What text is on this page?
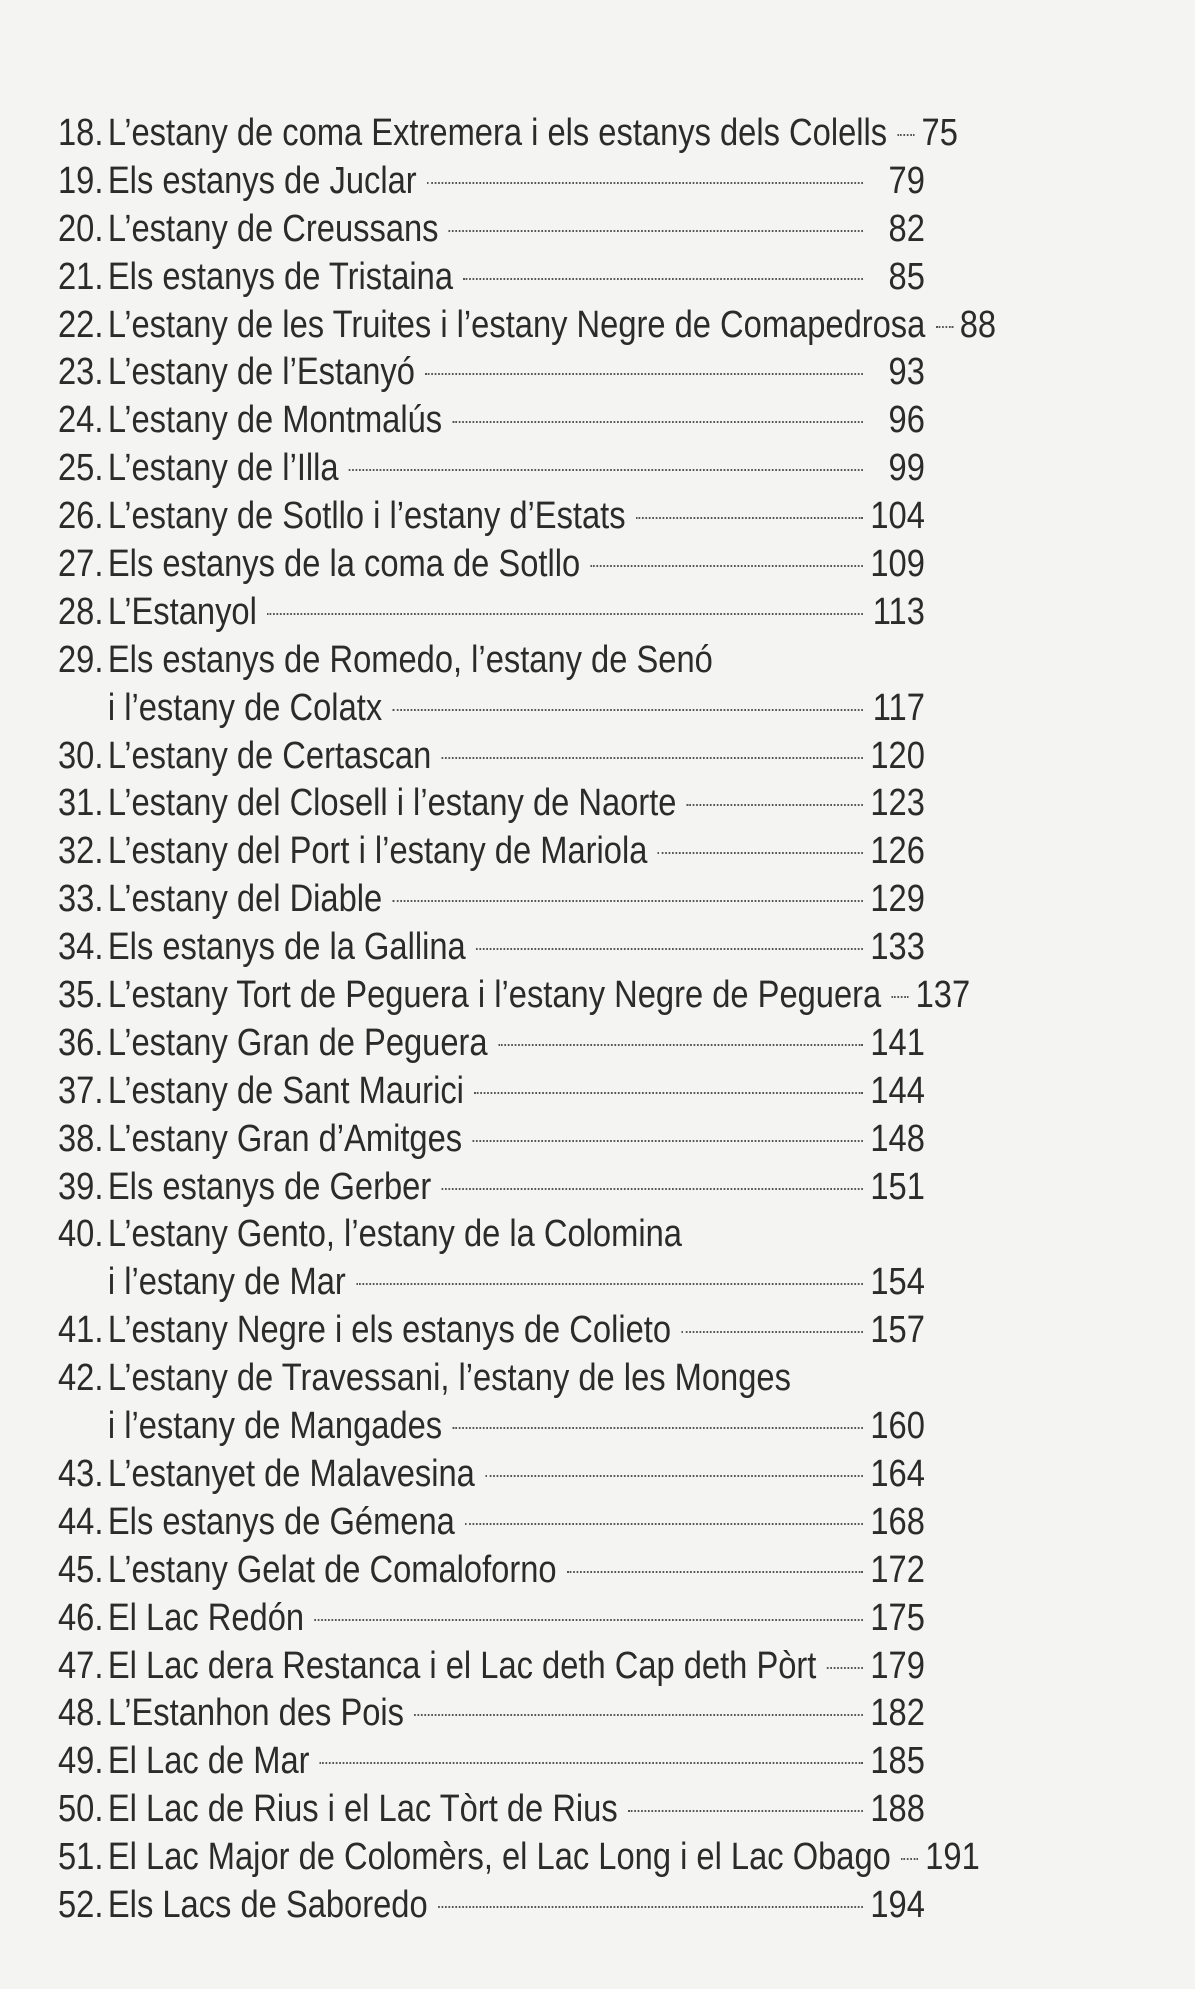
18. L’estany de coma Extremera i els estanys dels Colells 75
19. Els estanys de Juclar	79
20. L’estany de Creussans	82
21. Els estanys de Tristaina	85
22. L’estany de les Truites i l’estany Negre de Comapedrosa 88
23. L’estany de l’Estanyó	93
24. L’estany de Montmalús	96
25. L’estany de l’Illa	99
26. L’estany de Sotllo i l’estany d’Estats	104
27. Els estanys de la coma de Sotllo	109
28. L’Estanyol	113
29. Els estanys de Romedo, l’estany de Senó
i l’estany de Colatx	117
30. L’estany de Certascan	120
31. L’estany del Closell i l’estany de Naorte	123
32. L’estany del Port i l’estany de Mariola	126
33. L’estany del Diable	129
34. Els estanys de la Gallina	133
35. L’estany Tort de Peguera i l’estany Negre de Peguera 137
36. L’estany Gran de Peguera	141
37. L’estany de Sant Maurici	144
38. L’estany Gran d’Amitges	148
39. Els estanys de Gerber	151
40. L’estany Gento, l’estany de la Colomina
i l’estany de Mar	154
41. L’estany Negre i els estanys de Colieto	157
42. L’estany de Travessani, l’estany de les Monges
i l’estany de Mangades	160
43. L’estanyet de Malavesina	164
44. Els estanys de Gémena	168
45. L’estany Gelat de Comaloforno	172
46. El Lac Redón	175
47. El Lac dera Restanca i el Lac deth Cap deth Pòrt 179
48. L’Estanhon des Pois	182
49. El Lac de Mar	185
50. El Lac de Rius i el Lac Tòrt de Rius	188
51. El Lac Major de Colomèrs, el Lac Long i el Lac Obago 191
52. Els Lacs de Saboredo	194
